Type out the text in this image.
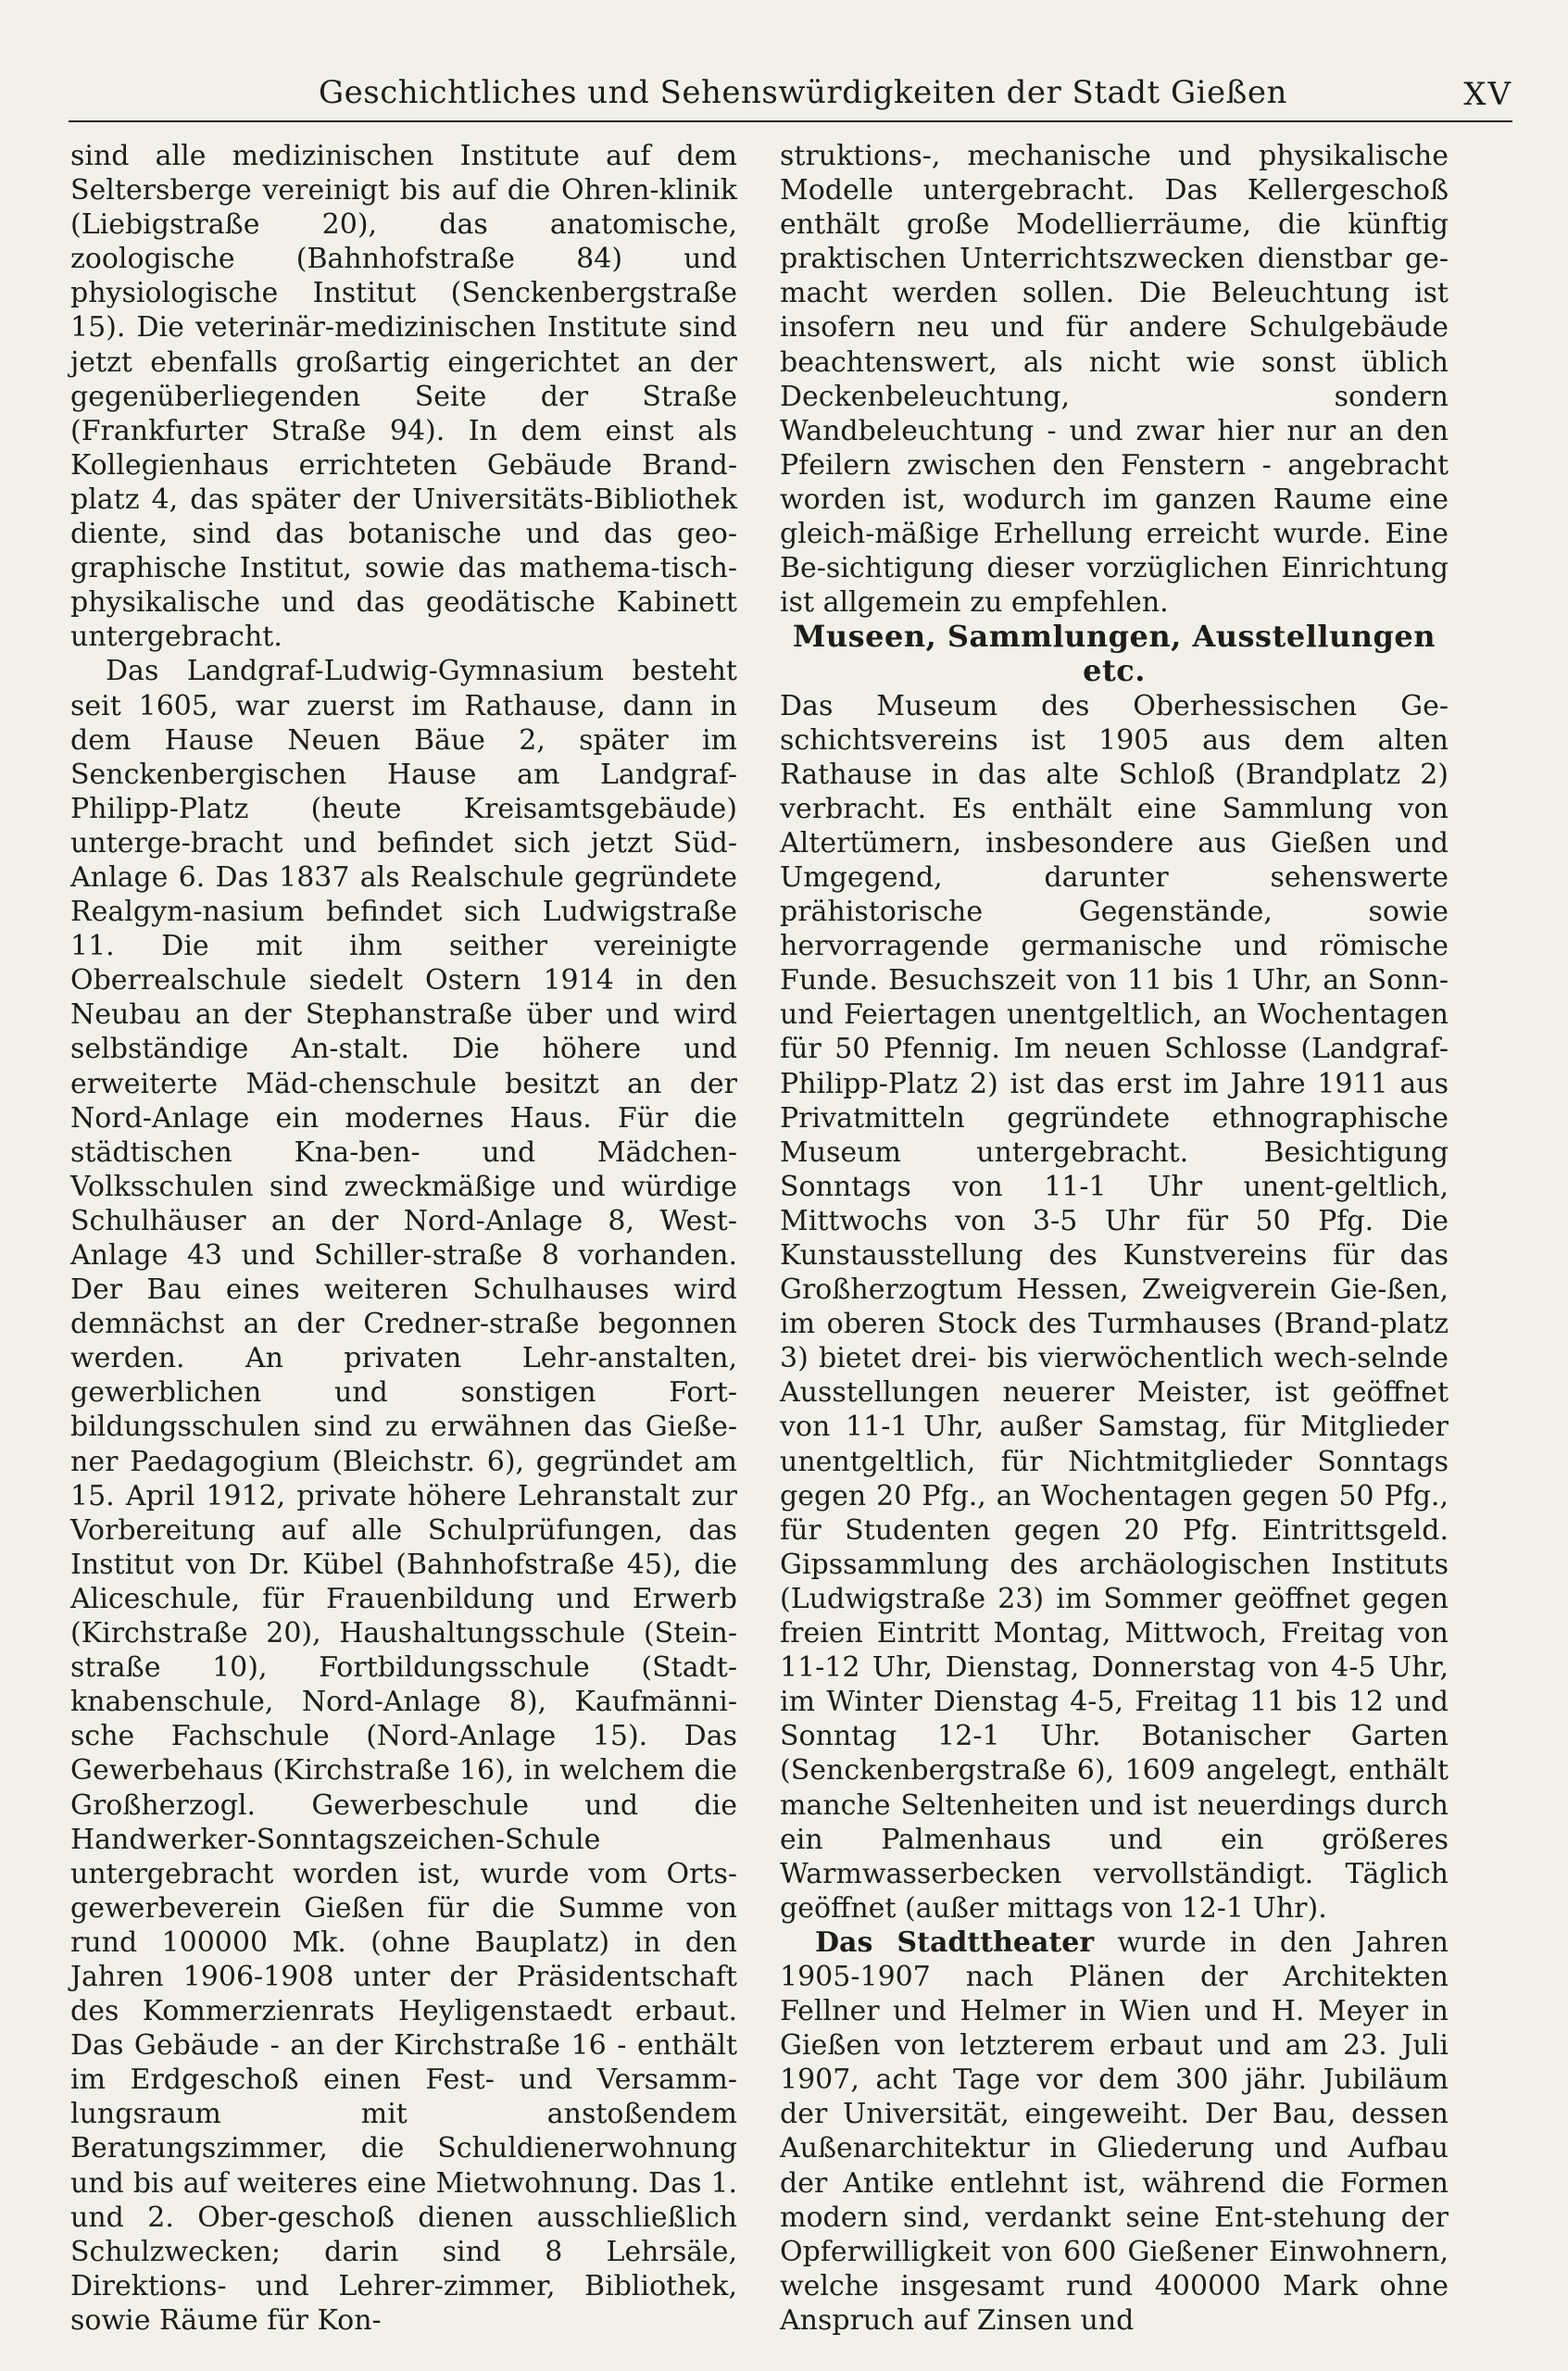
Geschichtliches und Sehenswürdigkeiten der Stadt Gießen	XV

sind alle medizinischen Institute auf dem Seltersberge vereinigt bis auf die Ohren-klinik (Liebigstraße 20), das anatomische, zoologische (Bahnhofstraße 84) und physiologische Institut (Senckenbergstraße 15). Die veterinär-medizinischen Institute sind jetzt ebenfalls großartig eingerichtet an der gegenüberliegenden Seite der Straße (Frankfurter Straße 94). In dem einst als Kollegienhaus errichteten Gebäude Brand-platz 4, das später der Universitäts-Bibliothek diente, sind das botanische und das geo-graphische Institut, sowie das mathema-tisch-physikalische und das geodätische Kabinett untergebracht.

Das Landgraf-Ludwig-Gymnasium besteht seit 1605, war zuerst im Rathause, dann in dem Hause Neuen Bäue 2, später im Senckenbergischen Hause am Landgraf-Philipp-Platz (heute Kreisamtsgebäude) unterge-bracht und befindet sich jetzt Süd-Anlage 6. Das 1837 als Realschule gegründete Realgym-nasium befindet sich Ludwigstraße 11. Die mit ihm seither vereinigte Oberrealschule siedelt Ostern 1914 in den Neubau an der Stephanstraße über und wird selbständige An-stalt. Die höhere und erweiterte Mäd-chenschule besitzt an der Nord-Anlage ein modernes Haus. Für die städtischen Kna-ben- und Mädchen-Volksschulen sind zweckmäßige und würdige Schulhäuser an der Nord-Anlage 8, West-Anlage 43 und Schiller-straße 8 vorhanden. Der Bau eines weiteren Schulhauses wird demnächst an der Credner-straße begonnen werden. An privaten Lehr-anstalten, gewerblichen und sonstigen Fort-bildungsschulen sind zu erwähnen das Gieße-ner Paedagogium (Bleichstr. 6), gegründet am 15. April 1912, private höhere Lehranstalt zur Vorbereitung auf alle Schulprüfungen, das Institut von Dr. Kübel (Bahnhofstraße 45), die Aliceschule, für Frauenbildung und Erwerb (Kirchstraße 20), Haushaltungsschule (Stein-straße 10), Fortbildungsschule (Stadt-knabenschule, Nord-Anlage 8), Kaufmänni-sche Fachschule (Nord-Anlage 15). Das Gewerbehaus (Kirchstraße 16), in welchem die Großherzogl. Gewerbeschule und die Handwerker-Sonntagszeichen-Schule untergebracht worden ist, wurde vom Orts-gewerbeverein Gießen für die Summe von rund 100000 Mk. (ohne Bauplatz) in den Jahren 1906-1908 unter der Präsidentschaft des Kommerzienrats Heyligenstaedt erbaut. Das Gebäude - an der Kirchstraße 16 - enthält im Erdgeschoß einen Fest- und Versamm-lungsraum mit anstoßendem Beratungszimmer, die Schuldienerwohnung und bis auf weiteres eine Mietwohnung. Das 1. und 2. Ober-geschoß dienen ausschließlich Schulzwecken; darin sind 8 Lehrsäle, Direktions- und Lehrer-zimmer, Bibliothek, sowie Räume für Kon-

struktions-, mechanische und physikalische Modelle untergebracht. Das Kellergeschoß enthält große Modellierräume, die künftig praktischen Unterrichtszwecken dienstbar ge-macht werden sollen. Die Beleuchtung ist insofern neu und für andere Schulgebäude beachtenswert, als nicht wie sonst üblich Deckenbeleuchtung, sondern Wandbeleuchtung - und zwar hier nur an den Pfeilern zwischen den Fenstern - angebracht worden ist, wodurch im ganzen Raume eine gleich-mäßige Erhellung erreicht wurde. Eine Be-sichtigung dieser vorzüglichen Einrichtung ist allgemein zu empfehlen.

Museen, Sammlungen, Ausstellungen etc.

Das Museum des Oberhessischen Ge-schichtsvereins ist 1905 aus dem alten Rathause in das alte Schloß (Brandplatz 2) verbracht. Es enthält eine Sammlung von Altertümern, insbesondere aus Gießen und Umgegend, darunter sehenswerte prähistorische Gegenstände, sowie hervorragende germanische und römische Funde. Besuchszeit von 11 bis 1 Uhr, an Sonn- und Feiertagen unentgeltlich, an Wochentagen für 50 Pfennig. Im neuen Schlosse (Landgraf-Philipp-Platz 2) ist das erst im Jahre 1911 aus Privatmitteln gegründete ethnographische Museum untergebracht. Besichtigung Sonntags von 11-1 Uhr unent-geltlich, Mittwochs von 3-5 Uhr für 50 Pfg. Die Kunstausstellung des Kunstvereins für das Großherzogtum Hessen, Zweigverein Gie-ßen, im oberen Stock des Turmhauses (Brand-platz 3) bietet drei- bis vierwöchentlich wech-selnde Ausstellungen neuerer Meister, ist geöffnet von 11-1 Uhr, außer Samstag, für Mitglieder unentgeltlich, für Nichtmitglieder Sonntags gegen 20 Pfg., an Wochentagen gegen 50 Pfg., für Studenten gegen 20 Pfg. Eintrittsgeld. Gipssammlung des archäologischen Instituts (Ludwigstraße 23) im Sommer geöffnet gegen freien Eintritt Montag, Mittwoch, Freitag von 11-12 Uhr, Dienstag, Donnerstag von 4-5 Uhr, im Winter Dienstag 4-5, Freitag 11 bis 12 und Sonntag 12-1 Uhr. Botanischer Garten (Senckenbergstraße 6), 1609 angelegt, enthält manche Seltenheiten und ist neuerdings durch ein Palmenhaus und ein größeres Warmwasserbecken vervollständigt. Täglich geöffnet (außer mittags von 12-1 Uhr).

Das Stadttheater wurde in den Jahren 1905-1907 nach Plänen der Architekten Fellner und Helmer in Wien und H. Meyer in Gießen von letzterem erbaut und am 23. Juli 1907, acht Tage vor dem 300 jähr. Jubiläum der Universität, eingeweiht. Der Bau, dessen Außenarchitektur in Gliederung und Aufbau der Antike entlehnt ist, während die Formen modern sind, verdankt seine Ent-stehung der Opferwilligkeit von 600 Gießener Einwohnern, welche insgesamt rund 400000 Mark ohne Anspruch auf Zinsen und
